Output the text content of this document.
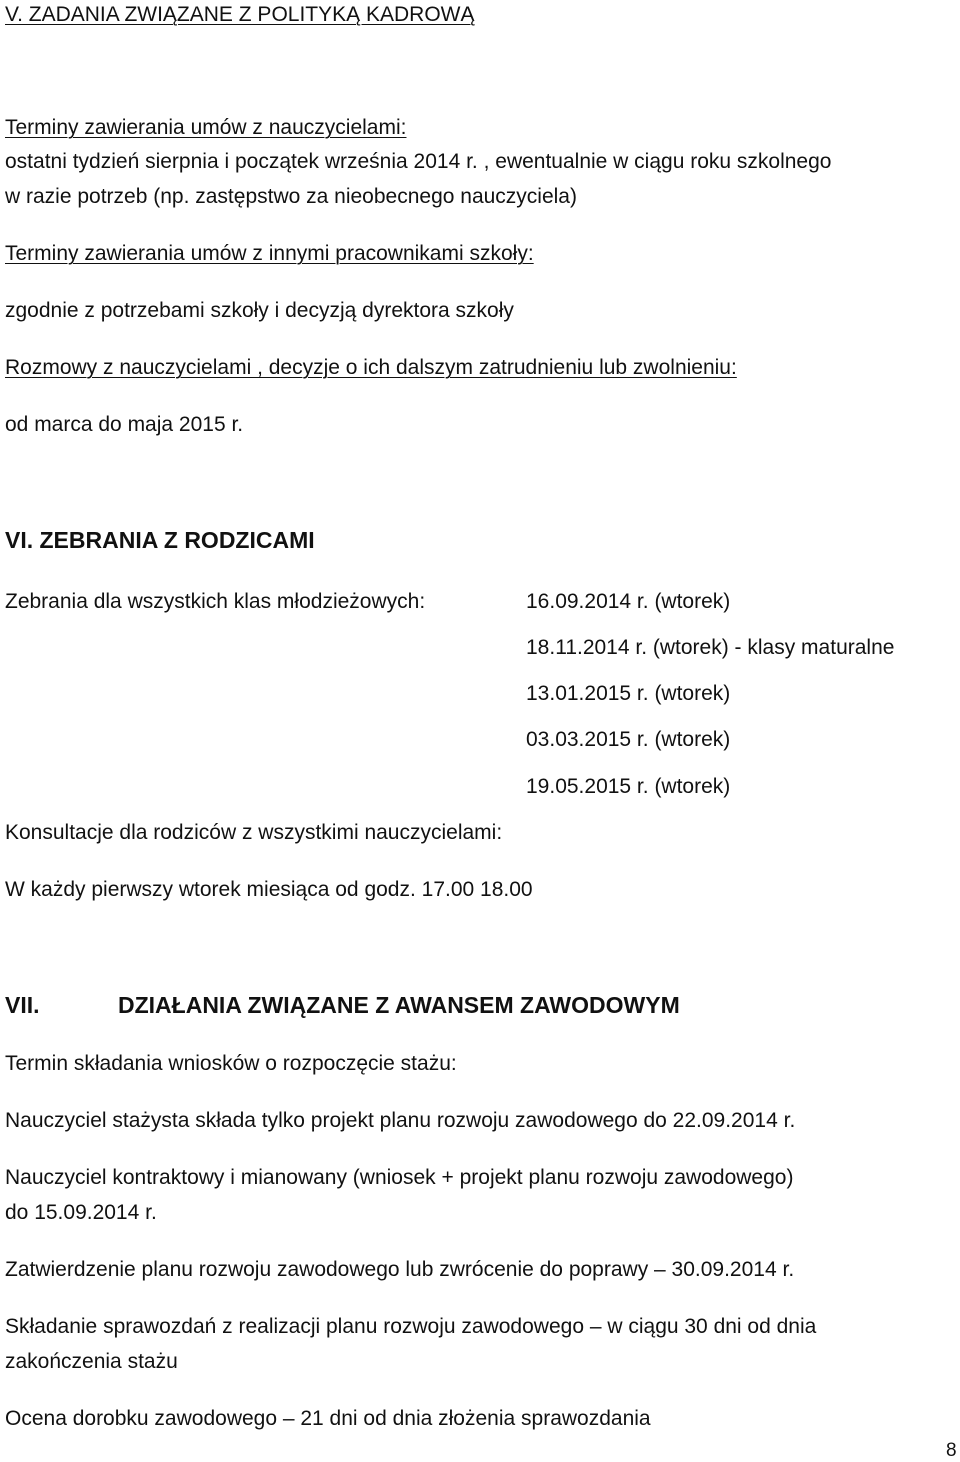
V. ZADANIA ZWIĄZANE Z POLITYKĄ KADROWĄ
Terminy zawierania umów z nauczycielami:
ostatni tydzień sierpnia i początek września 2014 r. , ewentualnie w ciągu roku szkolnego
w razie potrzeb (np. zastępstwo za nieobecnego nauczyciela)
Terminy zawierania umów z innymi pracownikami szkoły:
zgodnie z potrzebami szkoły i decyzją dyrektora szkoły
Rozmowy z nauczycielami , decyzje o ich dalszym zatrudnieniu lub zwolnieniu:
od marca do maja 2015 r.
VI. ZEBRANIA Z RODZICAMI
Zebrania dla wszystkich klas młodzieżowych:	16.09.2014 r. (wtorek)
18.11.2014 r. (wtorek) - klasy maturalne
13.01.2015 r. (wtorek)
03.03.2015 r. (wtorek)
19.05.2015 r. (wtorek)
Konsultacje dla rodziców z wszystkimi nauczycielami:
W każdy pierwszy wtorek miesiąca od godz. 17.00 18.00
VII.	DZIAŁANIA ZWIĄZANE Z AWANSEM ZAWODOWYM
Termin składania wniosków o rozpoczęcie stażu:
Nauczyciel stażysta składa tylko projekt planu rozwoju zawodowego do 22.09.2014 r.
Nauczyciel kontraktowy i mianowany (wniosek + projekt planu rozwoju zawodowego)
do 15.09.2014 r.
Zatwierdzenie planu rozwoju zawodowego lub zwrócenie do poprawy – 30.09.2014 r.
Składanie sprawozdań z realizacji planu rozwoju zawodowego – w ciągu 30 dni od dnia
zakończenia stażu
Ocena dorobku zawodowego – 21 dni od dnia złożenia sprawozdania
8
